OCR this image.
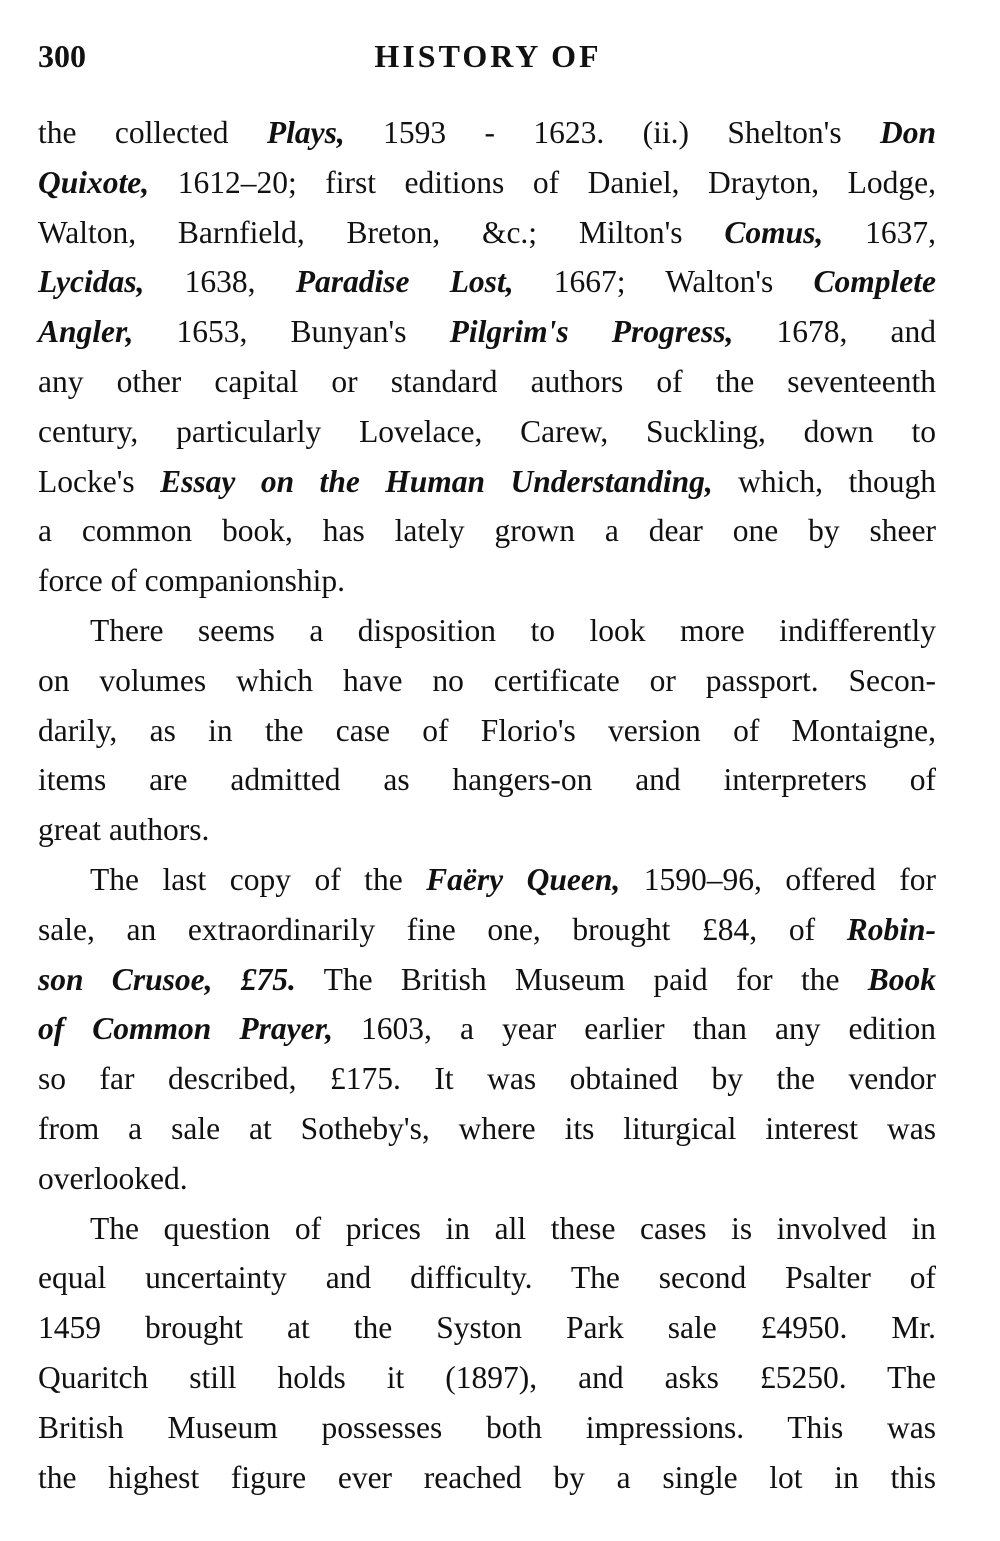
300	HISTORY OF
the collected Plays, 1593 - 1623. (ii.) Shelton's Don
Quixote, 1612–20; first editions of Daniel, Drayton, Lodge,
Walton, Barnfield, Breton, &c.; Milton's Comus, 1637,
Lycidas, 1638, Paradise Lost, 1667; Walton's Complete
Angler, 1653, Bunyan's Pilgrim's Progress, 1678, and
any other capital or standard authors of the seventeenth
century, particularly Lovelace, Carew, Suckling, down to
Locke's Essay on the Human Understanding, which, though
a common book, has lately grown a dear one by sheer
force of companionship.
There seems a disposition to look more indifferently
on volumes which have no certificate or passport. Secon-
darily, as in the case of Florio's version of Montaigne,
items are admitted as hangers-on and interpreters of
great authors.
The last copy of the Faëry Queen, 1590–96, offered for
sale, an extraordinarily fine one, brought £84, of Robin-
son Crusoe, £75. The British Museum paid for the Book
of Common Prayer, 1603, a year earlier than any edition
so far described, £175. It was obtained by the vendor
from a sale at Sotheby's, where its liturgical interest was
overlooked.
The question of prices in all these cases is involved in
equal uncertainty and difficulty. The second Psalter of
1459 brought at the Syston Park sale £4950. Mr.
Quaritch still holds it (1897), and asks £5250. The
British Museum possesses both impressions. This was
the highest figure ever reached by a single lot in this
